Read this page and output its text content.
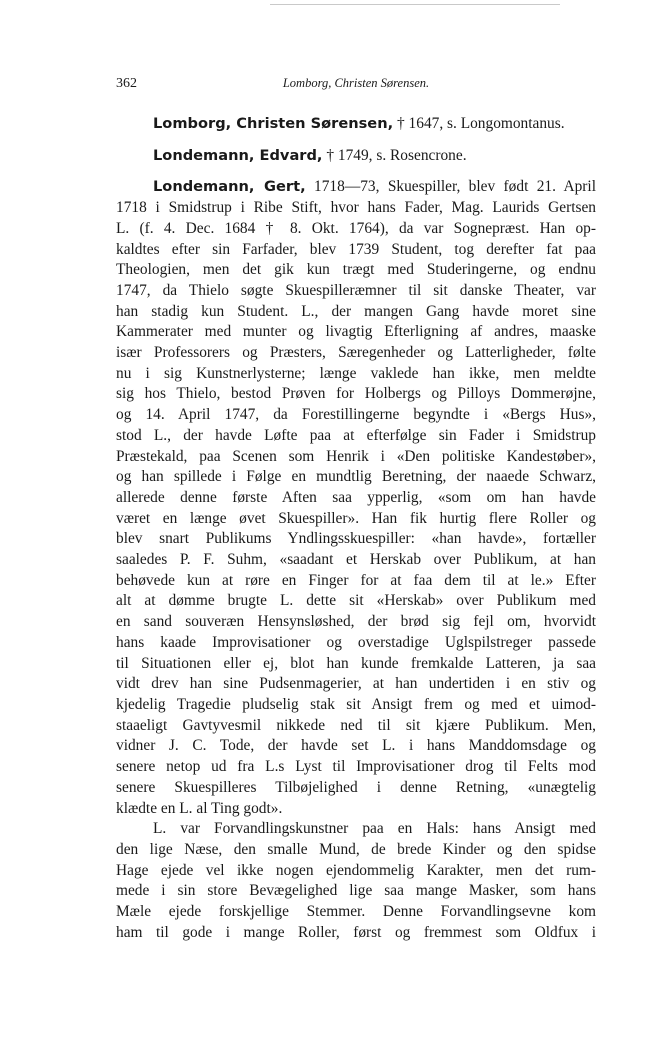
362	Lomborg, Christen Sørensen.

Lomborg, Christen Sørensen, † 1647, s. Longomontanus.

Londemann, Edvard, † 1749, s. Rosencrone.

Londemann, Gert, 1718—73, Skuespiller, blev født 21. April
1718 i Smidstrup i Ribe Stift, hvor hans Fader, Mag. Laurids Gertsen
L. (f. 4. Dec. 1684 † 8. Okt. 1764), da var Sognepræst. Han op-
kaldtes efter sin Farfader, blev 1739 Student, tog derefter fat paa
Theologien, men det gik kun trægt med Studeringerne, og endnu
1747, da Thielo søgte Skuespilleræmner til sit danske Theater, var
han stadig kun Student. L., der mangen Gang havde moret sine
Kammerater med munter og livagtig Efterligning af andres, maaske
især Professorers og Præsters, Særegenheder og Latterligheder, følte
nu i sig Kunstnerlysterne; længe vaklede han ikke, men meldte
sig hos Thielo, bestod Prøven for Holbergs og Pilloys Dommerøjne,
og 14. April 1747, da Forestillingerne begyndte i «Bergs Hus»,
stod L., der havde Løfte paa at efterfølge sin Fader i Smidstrup
Præstekald, paa Scenen som Henrik i «Den politiske Kandestøber»,
og han spillede i Følge en mundtlig Beretning, der naaede Schwarz,
allerede denne første Aften saa ypperlig, «som om han havde
været en længe øvet Skuespiller». Han fik hurtig flere Roller og
blev snart Publikums Yndlingsskuespiller: «han havde», fortæller
saaledes P. F. Suhm, «saadant et Herskab over Publikum, at han
behøvede kun at røre en Finger for at faa dem til at le.» Efter
alt at dømme brugte L. dette sit «Herskab» over Publikum med
en sand souveræn Hensynsløshed, der brød sig fejl om, hvorvidt
hans kaade Improvisationer og overstadige Uglspilstreger passede
til Situationen eller ej, blot han kunde fremkalde Latteren, ja saa
vidt drev han sine Pudsenmagerier, at han undertiden i en stiv og
kjedelig Tragedie pludselig stak sit Ansigt frem og med et uimod-
staaeligt Gavtyvesmil nikkede ned til sit kjære Publikum. Men,
vidner J. C. Tode, der havde set L. i hans Manddomsdage og
senere netop ud fra L.s Lyst til Improvisationer drog til Felts mod
senere Skuespilleres Tilbøjelighed i denne Retning, «unægtelig
klædte en L. al Ting godt».
L. var Forvandlingskunstner paa en Hals: hans Ansigt med
den lige Næse, den smalle Mund, de brede Kinder og den spidse
Hage ejede vel ikke nogen ejendommelig Karakter, men det rum-
mede i sin store Bevægelighed lige saa mange Masker, som hans
Mæle ejede forskjellige Stemmer. Denne Forvandlingsevne kom
ham til gode i mange Roller, først og fremmest som Oldfux i
